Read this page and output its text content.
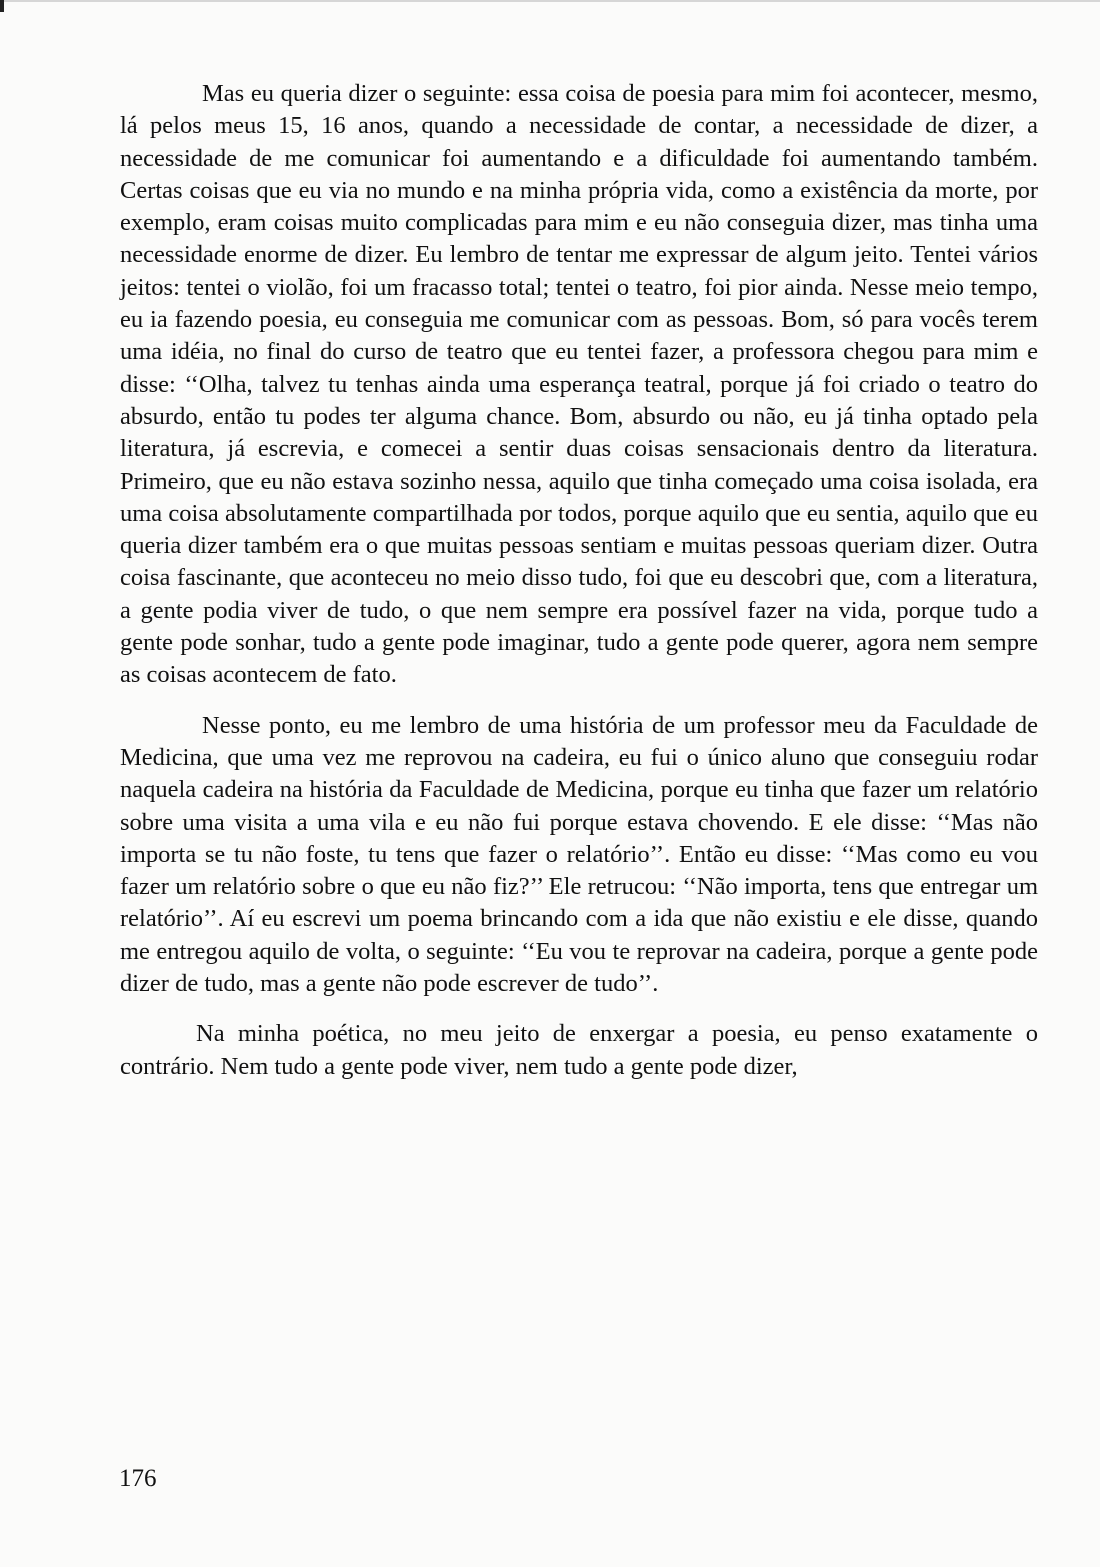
Mas eu queria dizer o seguinte: essa coisa de poesia para mim foi acontecer, mesmo, lá pelos meus 15, 16 anos, quando a necessidade de contar, a necessidade de dizer, a necessidade de me comunicar foi aumentando e a dificuldade foi aumentando também. Certas coisas que eu via no mundo e na minha própria vida, como a existência da morte, por exemplo, eram coisas muito complicadas para mim e eu não conseguia dizer, mas tinha uma necessidade enorme de dizer. Eu lembro de tentar me expressar de algum jeito. Tentei vários jeitos: tentei o violão, foi um fracasso total; tentei o teatro, foi pior ainda. Nesse meio tempo, eu ia fazendo poesia, eu conseguia me comunicar com as pessoas. Bom, só para vocês terem uma idéia, no final do curso de teatro que eu tentei fazer, a professora chegou para mim e disse: ‘‘Olha, talvez tu tenhas ainda uma esperança teatral, porque já foi criado o teatro do absurdo, então tu podes ter alguma chance. Bom, absurdo ou não, eu já tinha optado pela literatura, já escrevia, e comecei a sentir duas coisas sensacionais dentro da literatura. Primeiro, que eu não estava sozinho nessa, aquilo que tinha começado uma coisa isolada, era uma coisa absolutamente compartilhada por todos, porque aquilo que eu sentia, aquilo que eu queria dizer também era o que muitas pessoas sentiam e muitas pessoas queriam dizer. Outra coisa fascinante, que aconteceu no meio disso tudo, foi que eu descobri que, com a literatura, a gente podia viver de tudo, o que nem sempre era possível fazer na vida, porque tudo a gente pode sonhar, tudo a gente pode imaginar, tudo a gente pode querer, agora nem sempre as coisas acontecem de fato.

Nesse ponto, eu me lembro de uma história de um professor meu da Faculdade de Medicina, que uma vez me reprovou na cadeira, eu fui o único aluno que conseguiu rodar naquela cadeira na história da Faculdade de Medicina, porque eu tinha que fazer um relatório sobre uma visita a uma vila e eu não fui porque estava chovendo. E ele disse: ‘‘Mas não importa se tu não foste, tu tens que fazer o relatório’’. Então eu disse: ‘‘Mas como eu vou fazer um relatório sobre o que eu não fiz?’’ Ele retrucou: ‘‘Não importa, tens que entregar um relatório’’. Aí eu escrevi um poema brincando com a ida que não existiu e ele disse, quando me entregou aquilo de volta, o seguinte: ‘‘Eu vou te reprovar na cadeira, porque a gente pode dizer de tudo, mas a gente não pode escrever de tudo’’.

Na minha poética, no meu jeito de enxergar a poesia, eu penso exatamente o contrário. Nem tudo a gente pode viver, nem tudo a gente pode dizer,

176
